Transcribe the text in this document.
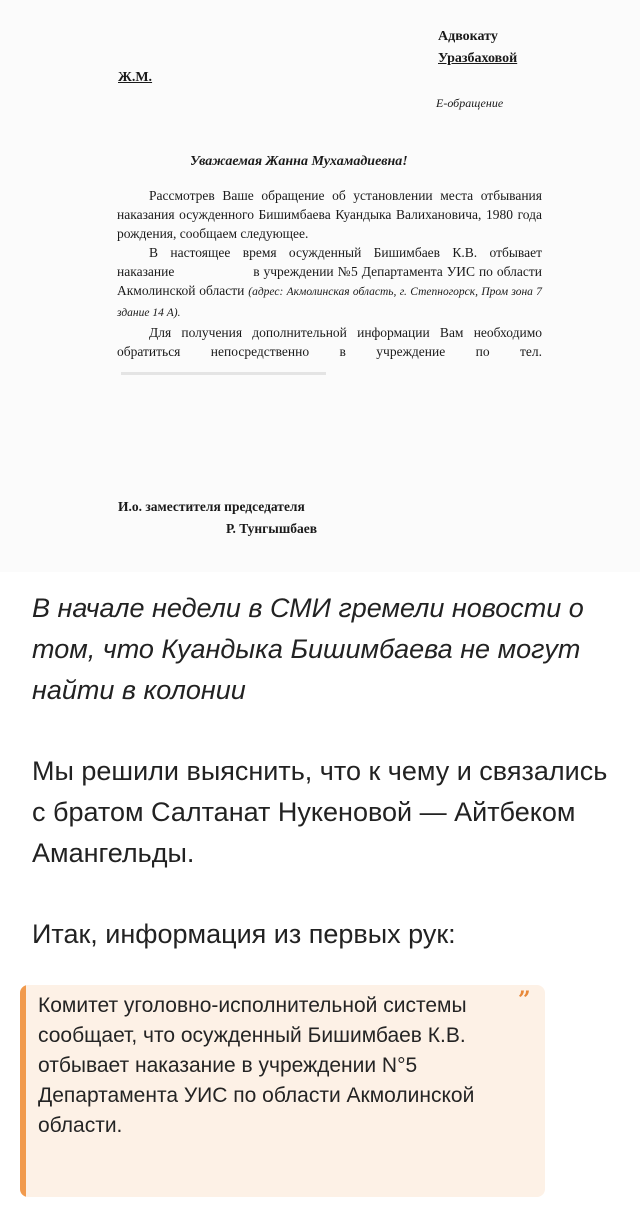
Адвокату
Уразбаховой
Ж.М.
Е-обращение
Уважаемая Жанна Мухамадиевна!

Рассмотрев Ваше обращение об установлении места отбывания наказания осужденного Бишимбаева Куандыка Валихановича, 1980 года рождения, сообщаем следующее.

В настоящее время осужденный Бишимбаев К.В. отбывает наказание	в учреждении №5 Департамента УИС по области Акмолинской области (адрес: Акмолинская область, г. Степногорск, Пром зона 7 здание 14 А).

Для получения дополнительной информации Вам необходимо обратиться непосредственно в учреждение по тел.

И.о. заместителя председателя
Р. Тунгышбаев

В начале недели в СМИ гремели новости о том, что Куандыка Бишимбаева не могут найти в колонии

Мы решили выяснить, что к чему и связались с братом Салтанат Нукеновой — Айтбеком Амангельды.

Итак, информация из первых рук:

Комитет уголовно-исполнительной системы сообщает, что осужденный Бишимбаев К.В. отбывает наказание в учреждении N°5 Департамента УИС по области Акмолинской области.
”
